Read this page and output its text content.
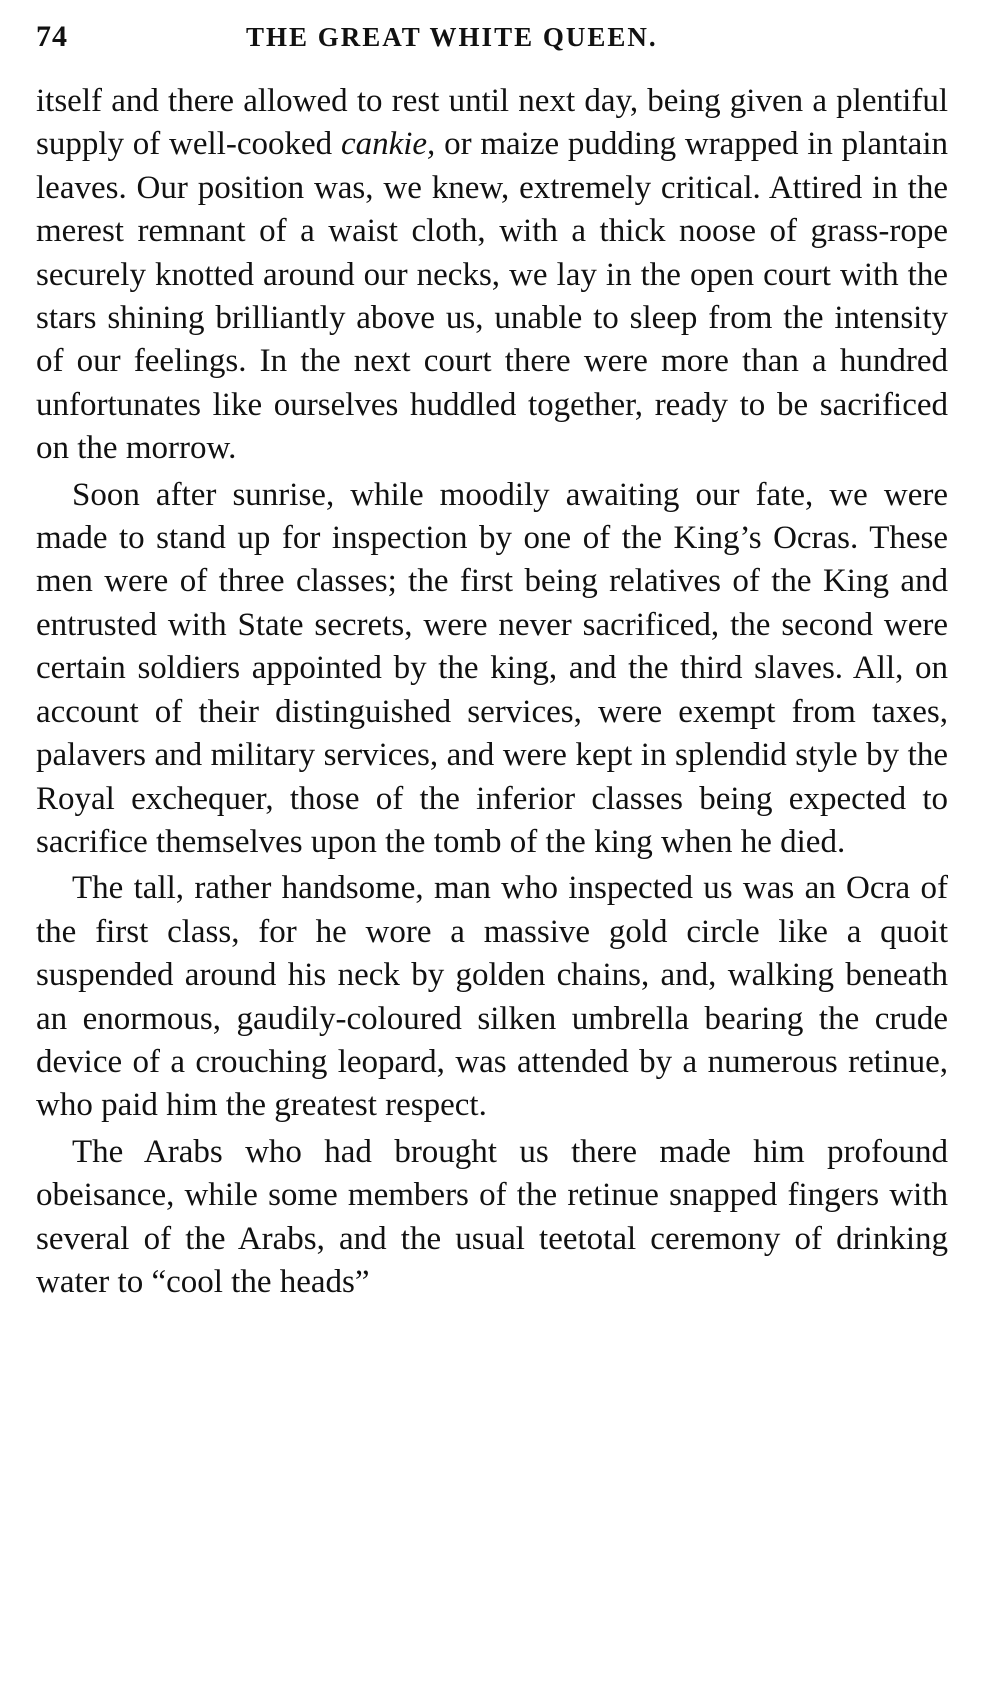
74	THE GREAT WHITE QUEEN.

itself and there allowed to rest until next day, being given a plentiful supply of well-cooked cankie, or maize pudding wrapped in plantain leaves. Our position was, we knew, extremely critical. Attired in the merest remnant of a waist cloth, with a thick noose of grass-rope securely knotted around our necks, we lay in the open court with the stars shining brilliantly above us, unable to sleep from the intensity of our feelings. In the next court there were more than a hundred unfortunates like ourselves huddled together, ready to be sacrificed on the morrow.

Soon after sunrise, while moodily awaiting our fate, we were made to stand up for inspection by one of the King’s Ocras. These men were of three classes; the first being relatives of the King and entrusted with State secrets, were never sacrificed, the second were certain soldiers appointed by the king, and the third slaves. All, on account of their distinguished services, were exempt from taxes, palavers and military services, and were kept in splendid style by the Royal exchequer, those of the inferior classes being expected to sacrifice themselves upon the tomb of the king when he died.

The tall, rather handsome, man who inspected us was an Ocra of the first class, for he wore a massive gold circle like a quoit suspended around his neck by golden chains, and, walking beneath an enormous, gaudily-coloured silken umbrella bearing the crude device of a crouching leopard, was attended by a numerous retinue, who paid him the greatest respect.

The Arabs who had brought us there made him profound obeisance, while some members of the retinue snapped fingers with several of the Arabs, and the usual teetotal ceremony of drinking water to “cool the heads”
